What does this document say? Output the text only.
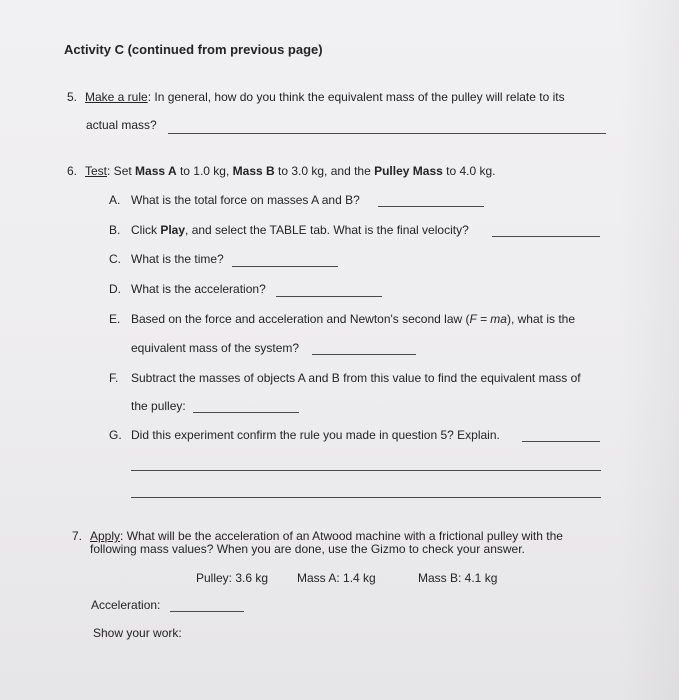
Activity C (continued from previous page)
5. Make a rule: In general, how do you think the equivalent mass of the pulley will relate to its
actual mass?
6. Test: Set Mass A to 1.0 kg, Mass B to 3.0 kg, and the Pulley Mass to 4.0 kg.
A. What is the total force on masses A and B?
B. Click Play, and select the TABLE tab. What is the final velocity?
C. What is the time?
D. What is the acceleration?
E. Based on the force and acceleration and Newton's second law (F = ma), what is the
equivalent mass of the system?
F. Subtract the masses of objects A and B from this value to find the equivalent mass of
the pulley:
G. Did this experiment confirm the rule you made in question 5? Explain.
7. Apply: What will be the acceleration of an Atwood machine with a frictional pulley with the
following mass values? When you are done, use the Gizmo to check your answer.
Pulley: 3.6 kg Mass A: 1.4 kg	Mass B: 4.1 kg
Acceleration:
Show your work:
